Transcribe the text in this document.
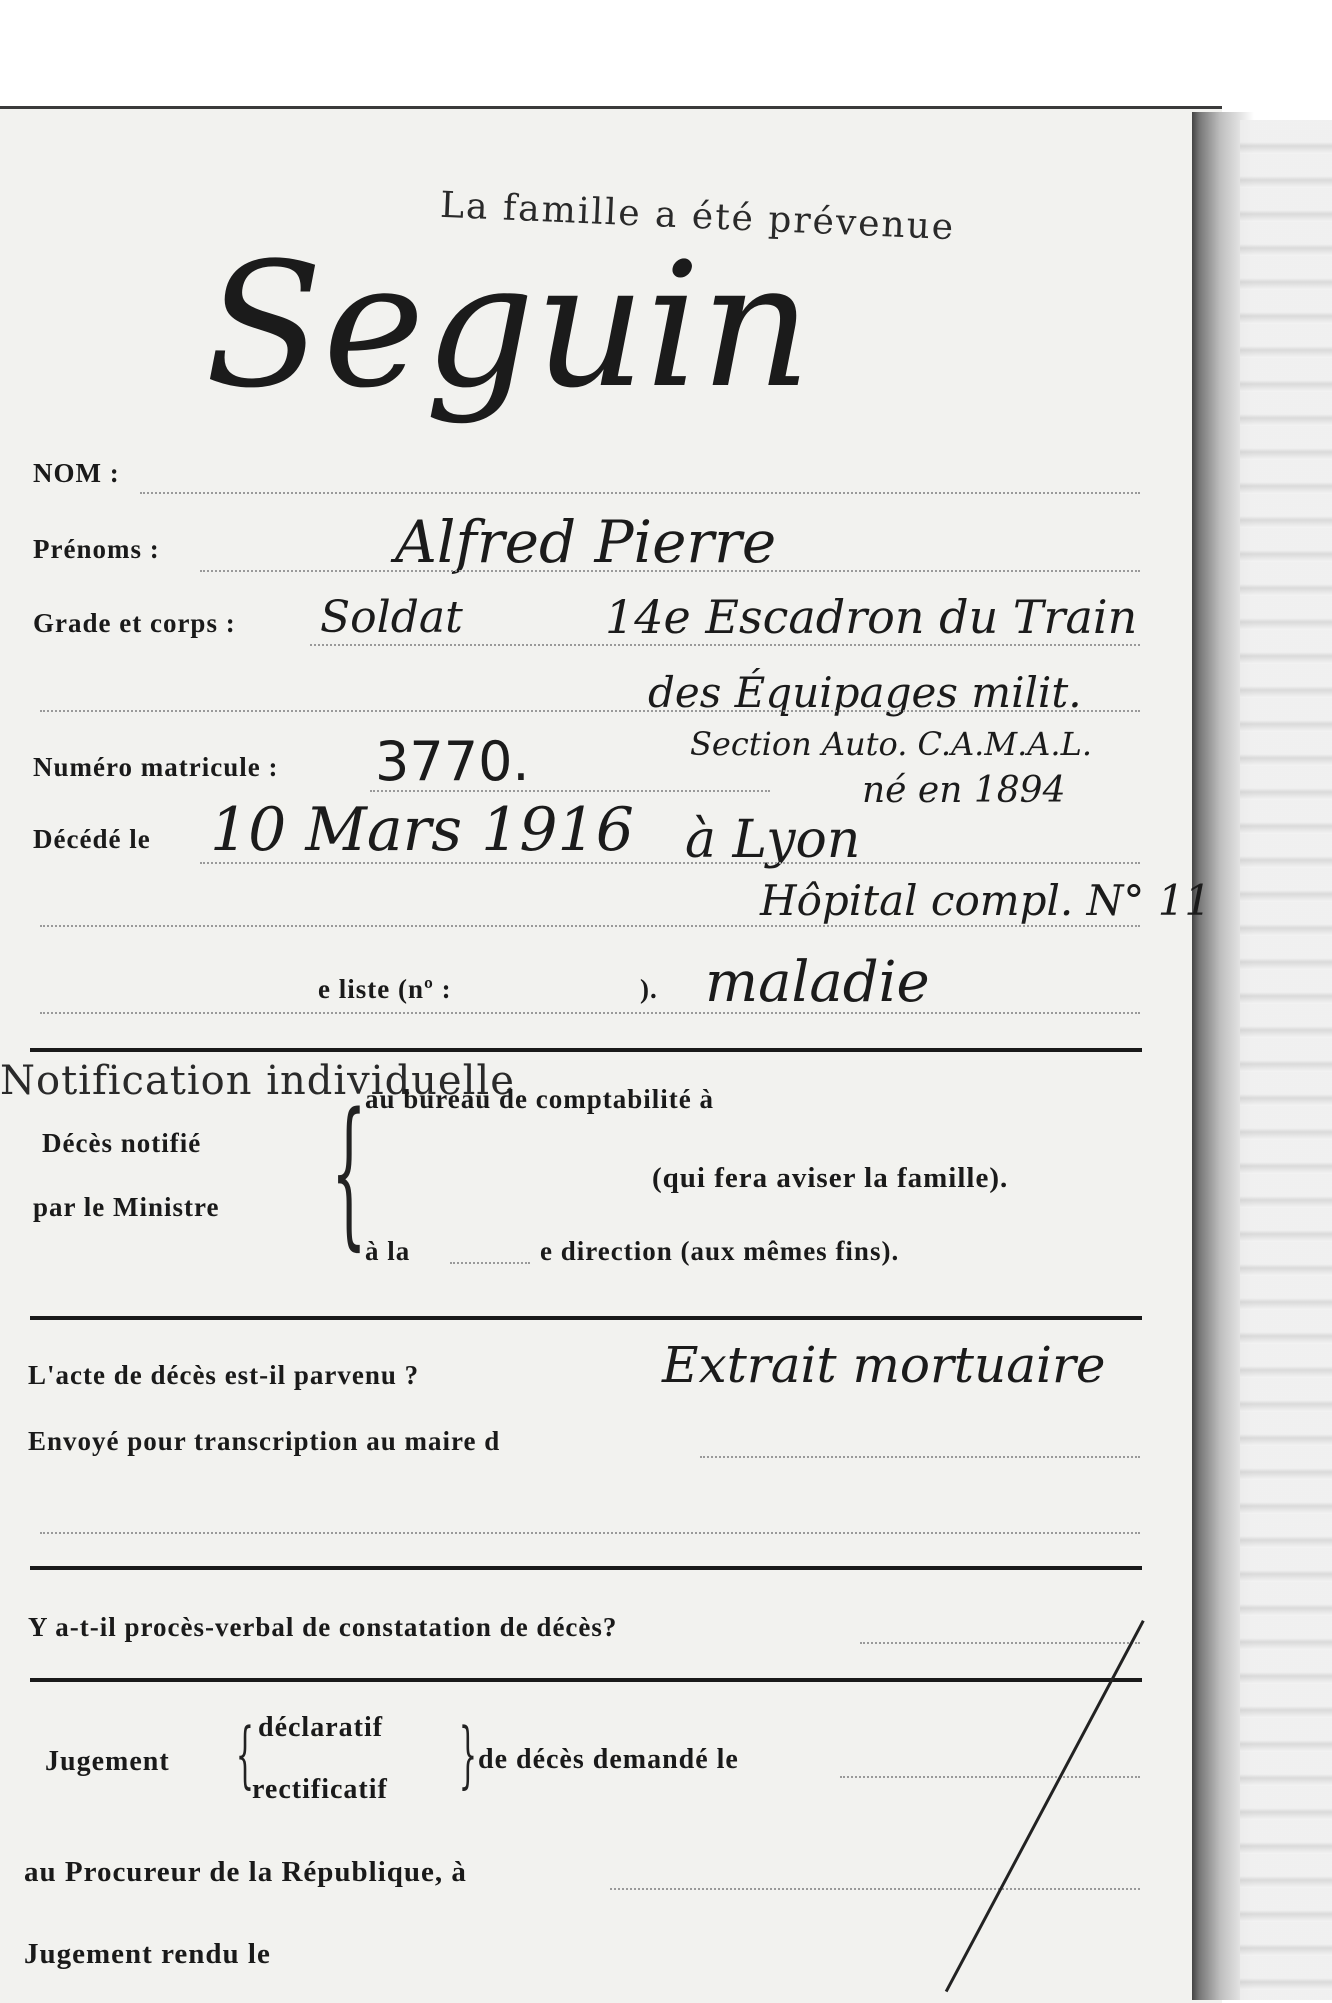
La famille a été prévenue
Seguin
NOM :
Prénoms :	Alfred Pierre
Grade et corps : Soldat	14e Escadron du Train
des Équipages milit.
Section Auto. C.A.M.A.L.
Numéro matricule : 3770.	né en 1894
Décédé le 10 Mars 1916 à Lyon
Hôpital compl. N° 11
e liste (nº :	). maladie
Notification individuelle
Décès notifié
par le Ministre {
au bureau de comptabilité à
(qui fera aviser la famille).
à la	e direction (aux mêmes fins).
L'acte de décès est-il parvenu ?	Extrait mortuaire
Envoyé pour transcription au maire d
Y a-t-il procès-verbal de constatation de décès?
Jugement { déclaratif
rectificatif } de décès demandé le
au Procureur de la République, à
Jugement rendu le
